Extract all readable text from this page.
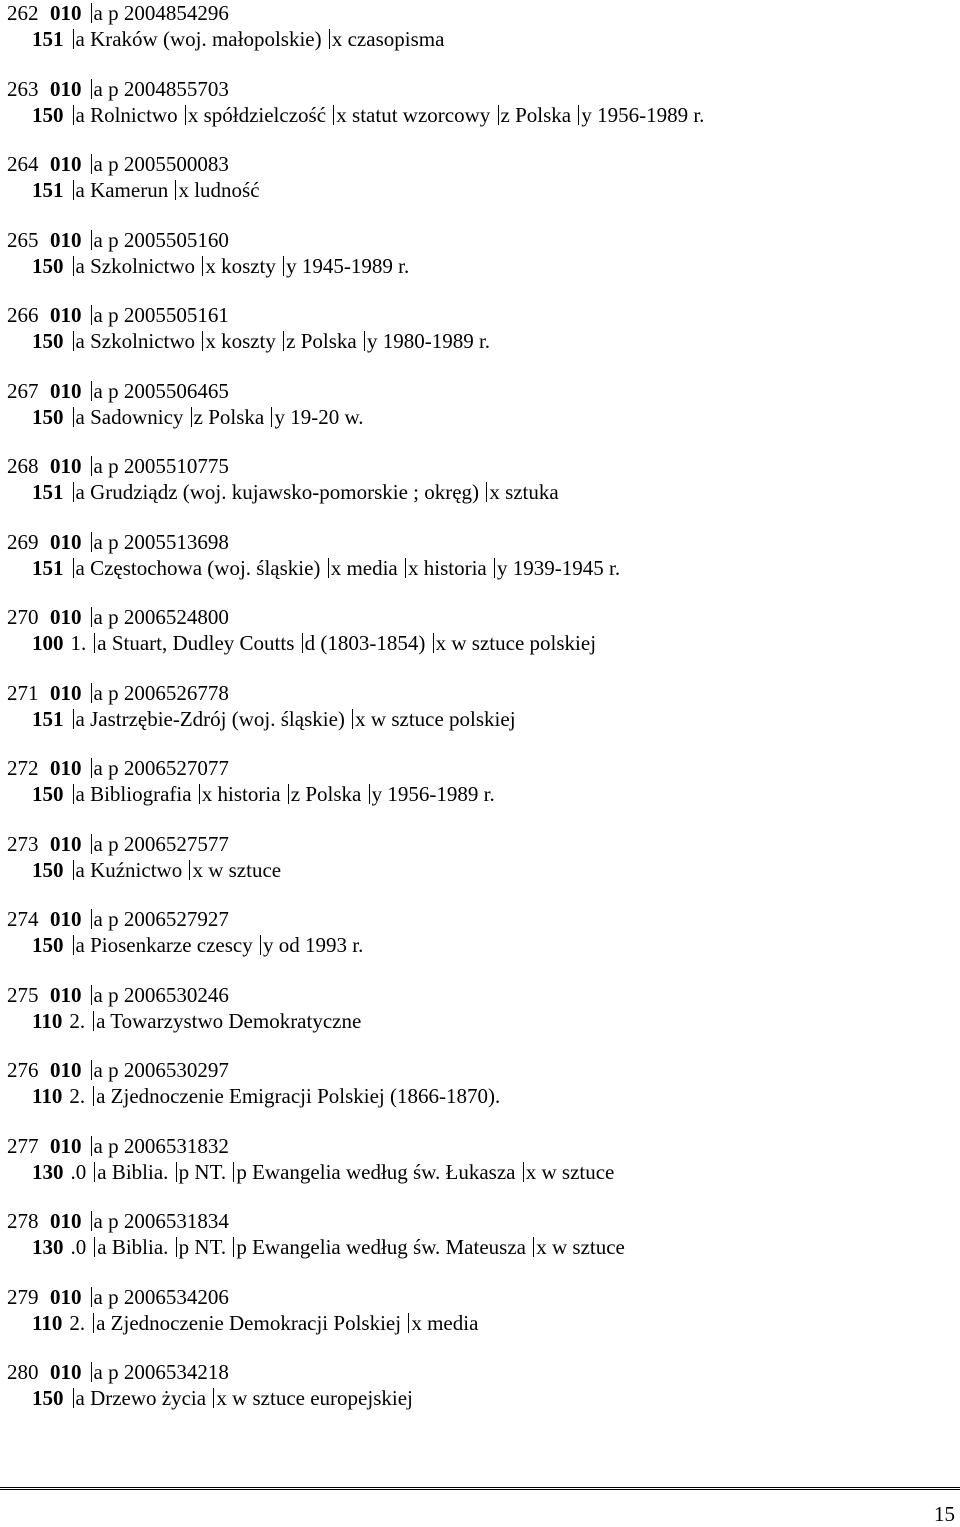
262 010 a p 2004854296
151 a Kraków (woj. małopolskie) x czasopisma
263 010 a p 2004855703
150 a Rolnictwo x spółdzielczość x statut wzorcowy z Polska y 1956-1989 r.
264 010 a p 2005500083
151 a Kamerun x ludność
265 010 a p 2005505160
150 a Szkolnictwo x koszty y 1945-1989 r.
266 010 a p 2005505161
150 a Szkolnictwo x koszty z Polska y 1980-1989 r.
267 010 a p 2005506465
150 a Sadownicy z Polska y 19-20 w.
268 010 a p 2005510775
151 a Grudziądz (woj. kujawsko-pomorskie ; okręg) x sztuka
269 010 a p 2005513698
151 a Częstochowa (woj. śląskie) x media x historia y 1939-1945 r.
270 010 a p 2006524800
100 1. a Stuart, Dudley Coutts d (1803-1854) x w sztuce polskiej
271 010 a p 2006526778
151 a Jastrzębie-Zdrój (woj. śląskie) x w sztuce polskiej
272 010 a p 2006527077
150 a Bibliografia x historia z Polska y 1956-1989 r.
273 010 a p 2006527577
150 a Kuźnictwo x w sztuce
274 010 a p 2006527927
150 a Piosenkarze czescy y od 1993 r.
275 010 a p 2006530246
110 2. a Towarzystwo Demokratyczne
276 010 a p 2006530297
110 2. a Zjednoczenie Emigracji Polskiej (1866-1870).
277 010 a p 2006531832
130 .0 a Biblia. p NT. p Ewangelia według św. Łukasza x w sztuce
278 010 a p 2006531834
130 .0 a Biblia. p NT. p Ewangelia według św. Mateusza x w sztuce
279 010 a p 2006534206
110 2. a Zjednoczenie Demokracji Polskiej x media
280 010 a p 2006534218
150 a Drzewo życia x w sztuce europejskiej
15
